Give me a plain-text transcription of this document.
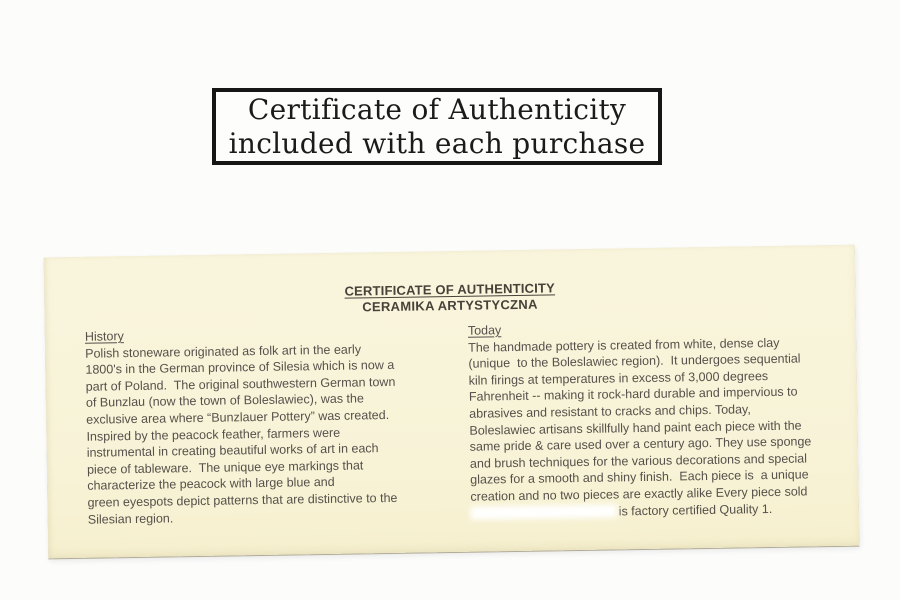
Certificate of Authenticity
included with each purchase
CERTIFICATE OF AUTHENTICITY
CERAMIKA ARTYSTYCZNA
History
Polish stoneware originated as folk art in the early
1800's in the German province of Silesia which is now a
part of Poland.  The original southwestern German town
of Bunzlau (now the town of Boleslawiec), was the
exclusive area where “Bunzlauer Pottery” was created.
Inspired by the peacock feather, farmers were
instrumental in creating beautiful works of art in each
piece of tableware.  The unique eye markings that
characterize the peacock with large blue and
green eyespots depict patterns that are distinctive to the
Silesian region.
Today
The handmade pottery is created from white, dense clay
(unique  to the Boleslawiec region).  It undergoes sequential
kiln firings at temperatures in excess of 3,000 degrees
Fahrenheit -- making it rock-hard durable and impervious to
abrasives and resistant to cracks and chips. Today,
Boleslawiec artisans skillfully hand paint each piece with the
same pride & care used over a century ago. They use sponge
and brush techniques for the various decorations and special
glazes for a smooth and shiny finish.  Each piece is  a unique
creation and no two pieces are exactly alike Every piece sold
is factory certified Quality 1.
